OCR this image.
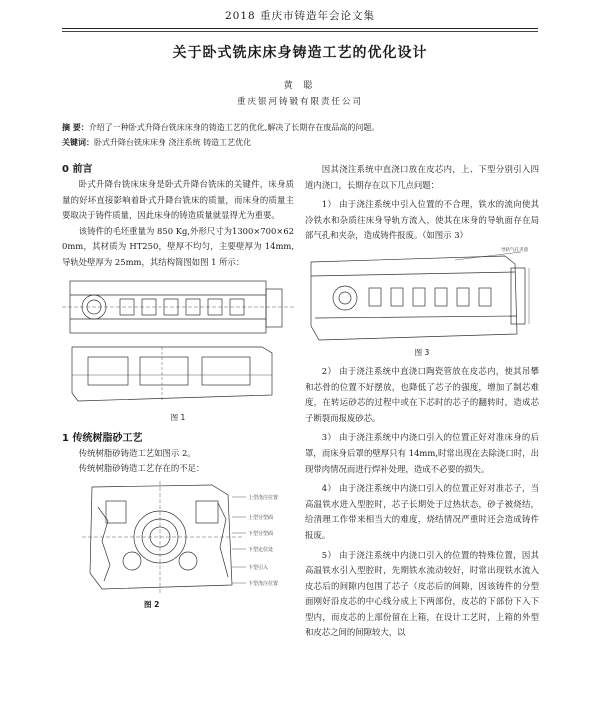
2018 重庆市铸造年会论文集
关于卧式铣床床身铸造工艺的优化设计
黄 聪
重庆银河铸锻有限责任公司
摘 要：介绍了一种卧式升降台铣床床身的铸造工艺的优化,解决了长期存在废品高的问题。
关键词：卧式升降台铣床床身 浇注系统 铸造工艺优化

0 前言

卧式升降台铣床床身是卧式升降台铣床的关键件，床身质量的好坏直接影响着卧式升降台铣床的质量，而床身的质量主要取决于铸件质量，因此床身的铸造质量就显得尤为重要。

该铸件的毛坯重量为 850 Kg,外形尺寸为1300×700×620mm，其材质为 HT250，壁厚不均匀，主要壁厚为 14mm,导轨处壁厚为 25mm，其结构简图如图 1 所示：

图 1

1 传统树脂砂工艺

传统树脂砂铸造工艺如图示 2。

传统树脂砂铸造工艺存在的不足：

上型浇注位置
上型分型面
下型分型面
下型定位处
下型引入
下型浇注位置
图 2

因其浇注系统中直浇口放在皮芯内，上、下型分别引入四道内浇口，长期存在以下几点问题：

1） 由于浇注系统中引入位置的不合理，铁水的流向使其冷铁水和杂质往床身导轨方流入，使其在床身的导轨面存在局部气孔和夹杂，造成铸件报废。（如图示 3）

导轨气孔夹渣
图 3

2） 由于浇注系统中直浇口陶瓷管放在皮芯内，使其吊攀和芯骨的位置不好摆放，也降低了芯子的强度，增加了制芯难度，在转运砂芯的过程中或在下芯时的芯子的翻转时，造成芯子断裂而报废砂芯。

3） 由于浇注系统中内浇口引入的位置正好对准床身的后罩，而床身后罩的壁厚只有 14mm,时常出现在去除浇口时，出现带肉情况而进行焊补处理，造成不必要的损失。

4） 由于浇注系统中内浇口引入的位置正好对准芯子，当高温铁水进入型腔时，芯子长期处于过热状态，砂子被烧结，给清理工作带来相当大的难度，烧结情况严重时还会造成铸件报废。

5） 由于浇注系统中内浇口引入的位置的特殊位置，因其高温铁水引入型腔时，先期铁水流动较好，时常出现铁水流入皮芯后的间隙内包围了芯子（皮芯后的间隙，因该铸件的分型面刚好沿皮芯的中心线分成上下两部份，皮芯的下部份下入下型内，而皮芯的上部份留在上箱，在设计工艺时，上箱的外型和皮芯之间的间隙较大，以
